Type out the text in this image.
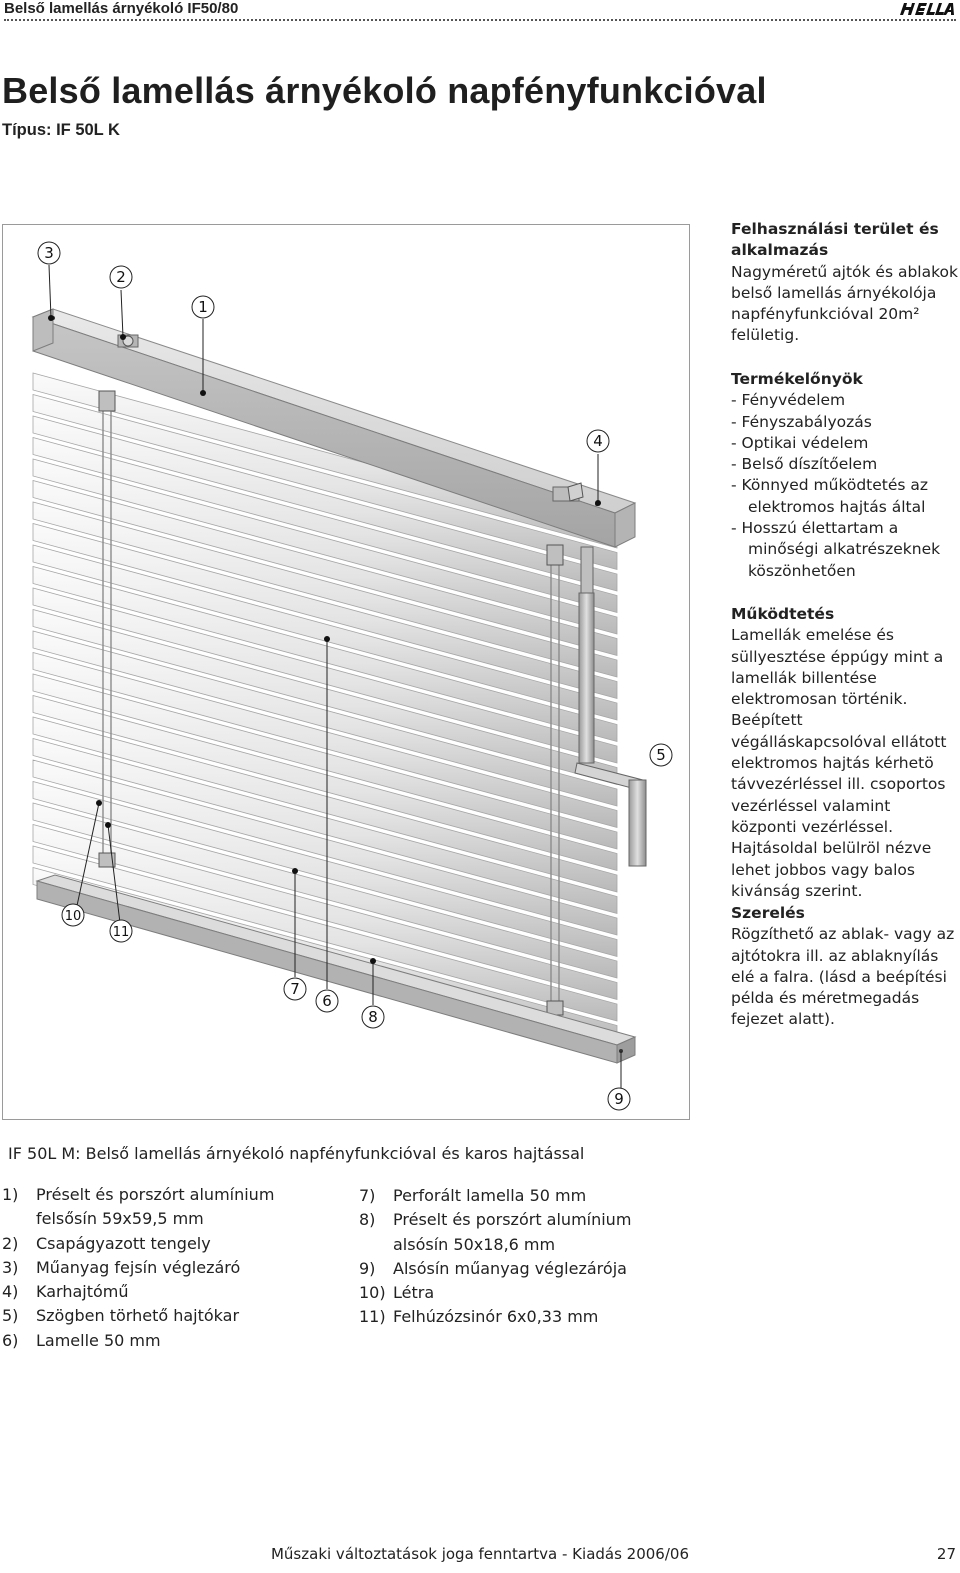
Belső lamellás árnyékoló IF50/80
Belső lamellás árnyékoló napfényfunkcióval
Típus: IF 50L K
1
2
3
4
5
6
7
8
9
10
11
Felhasználási terület és alkalmazás

Nagyméretű ajtók és ablakok belső lamellás árnyékolója napfényfunkcióval 20m² felületig.

Termékelőnyök
- Fényvédelem
- Fényszabályozás
- Optikai védelem
- Belső díszítőelem
- Könnyed működtetés az elektromos hajtás által
- Hosszú élettartam a minőségi alkatrészeknek köszönhetően
Működtetés

Lamellák emelése és süllyesztése éppúgy mint a lamellák billentése elektromosan történik. Beépített végálláskapcsolóval ellátott elektromos hajtás kérhetö távvezérléssel ill. csoportos vezérléssel valamint központi vezérléssel. Hajtásoldal belülröl nézve lehet jobbos vagy balos kivánság szerint.

Szerelés

Rögzíthető az ablak- vagy az ajtótokra ill. az ablaknyílás elé a falra. (lásd a beépítési példa és méretmegadás fejezet alatt).

IF 50L M: Belső lamellás árnyékoló napfényfunkcióval és karos hajtással
1)	Préselt és porszórt alumínium felsősín 59x59,5 mm
2)	Csapágyazott tengely
3)	Műanyag fejsín véglezáró
4)	Karhajtómű
5)	Szögben törhető hajtókar
6)	Lamelle 50 mm
7)	Perforált lamella 50 mm
8)	Préselt és porszórt alumínium alsósín 50x18,6 mm
9)	Alsósín műanyag véglezárója
10) Létra
11) Felhúzózsinór 6x0,33 mm
Műszaki változtatások joga fenntartva - Kiadás 2006/06	27
